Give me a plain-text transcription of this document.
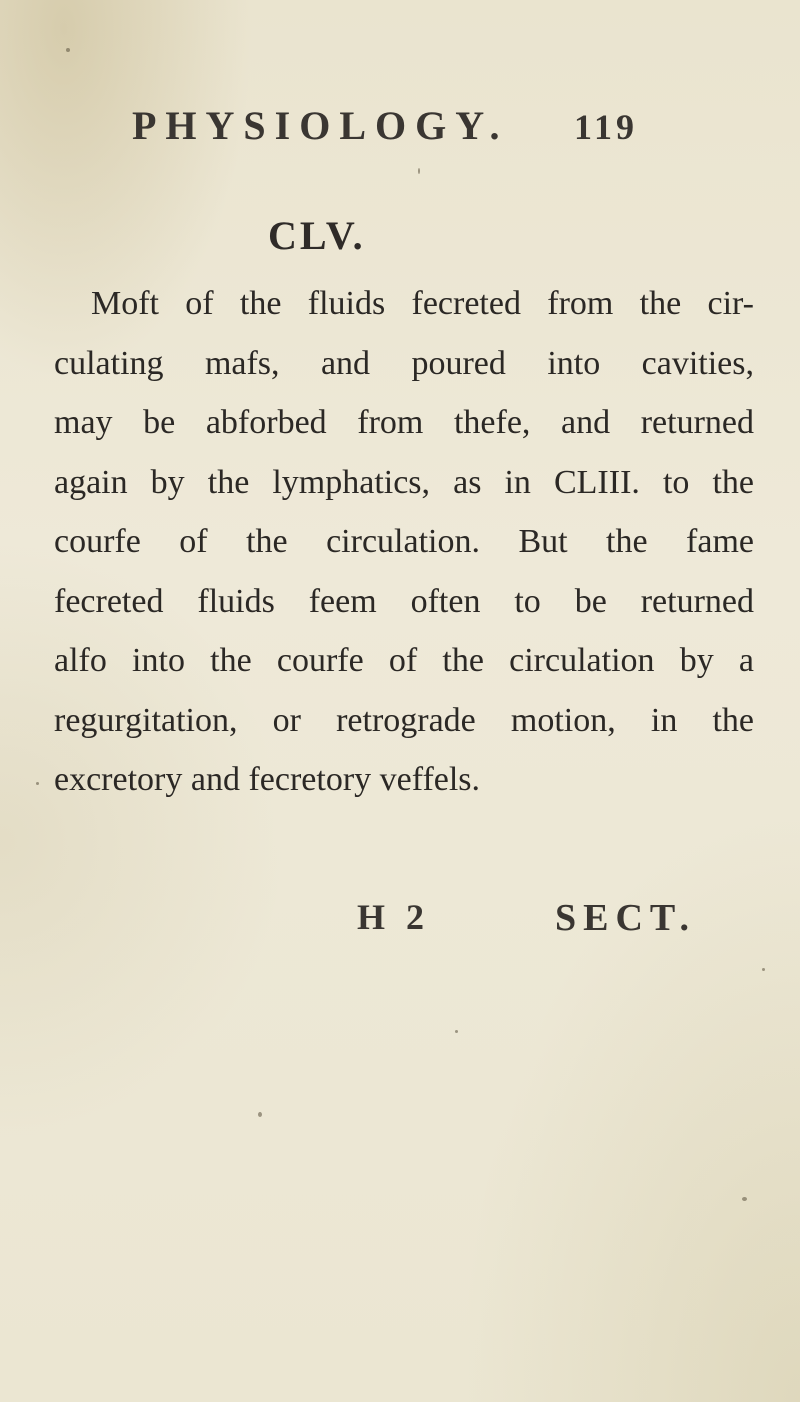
PHYSIOLOGY. 119
CLV.
Moft of the fluids fecreted from the cir-
culating mafs, and poured into cavities,
may be abforbed from thefe, and returned
again by the lymphatics, as in CLIII. to the
courfe of the circulation. But the fame
fecreted fluids feem often to be returned
alfo into the courfe of the circulation by a
regurgitation, or retrograde motion, in the
excretory and fecretory veffels.
H 2	SECT.
